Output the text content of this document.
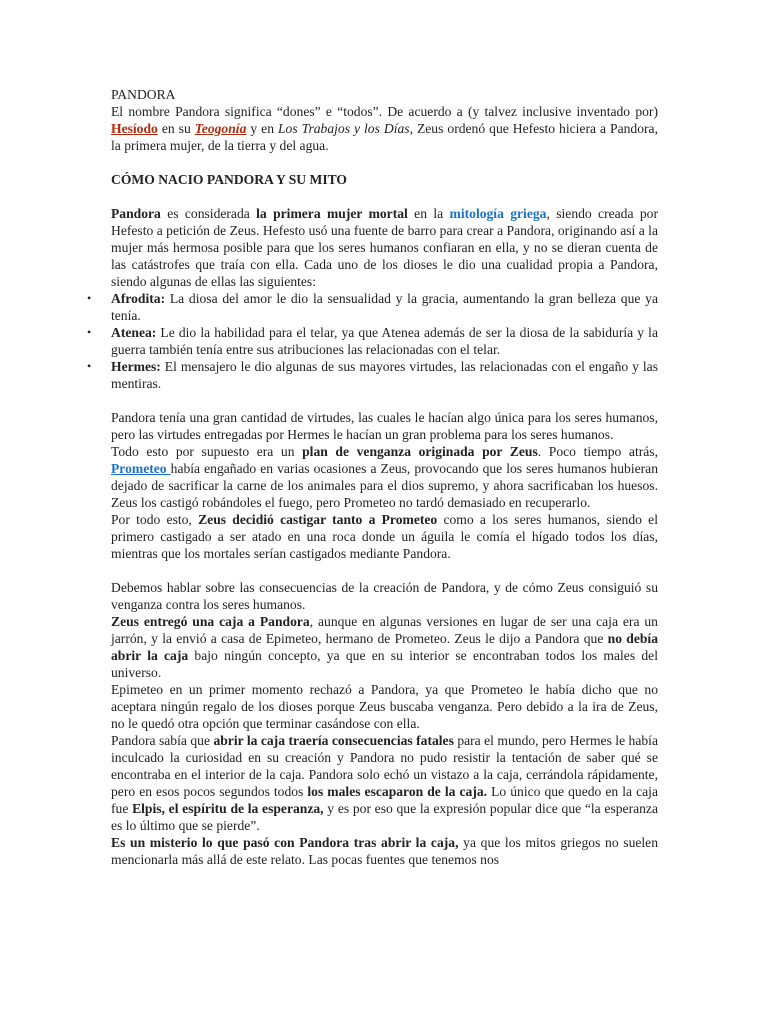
PANDORA

El nombre Pandora significa “dones” e “todos”. De acuerdo a (y talvez inclusive inventado por) Hesíodo en su Teogonía y en Los Trabajos y los Días, Zeus ordenó que Hefesto hiciera a Pandora, la primera mujer, de la tierra y del agua.

CÓMO NACIO PANDORA Y SU MITO

Pandora es considerada la primera mujer mortal en la mitología griega, siendo creada por Hefesto a petición de Zeus. Hefesto usó una fuente de barro para crear a Pandora, originando así a la mujer más hermosa posible para que los seres humanos confiaran en ella, y no se dieran cuenta de las catástrofes que traía con ella. Cada uno de los dioses le dio una cualidad propia a Pandora, siendo algunas de ellas las siguientes:

• Afrodita: La diosa del amor le dio la sensualidad y la gracia, aumentando la gran belleza que ya tenía.
• Atenea: Le dio la habilidad para el telar, ya que Atenea además de ser la diosa de la sabiduría y la guerra también tenía entre sus atribuciones las relacionadas con el telar.
• Hermes: El mensajero le dio algunas de sus mayores virtudes, las relacionadas con el engaño y las mentiras.

Pandora tenía una gran cantidad de virtudes, las cuales le hacían algo única para los seres humanos, pero las virtudes entregadas por Hermes le hacían un gran problema para los seres humanos.

Todo esto por supuesto era un plan de venganza originada por Zeus. Poco tiempo atrás, Prometeo había engañado en varias ocasiones a Zeus, provocando que los seres humanos hubieran dejado de sacrificar la carne de los animales para el dios supremo, y ahora sacrificaban los huesos. Zeus los castigó robándoles el fuego, pero Prometeo no tardó demasiado en recuperarlo.

Por todo esto, Zeus decidió castigar tanto a Prometeo como a los seres humanos, siendo el primero castigado a ser atado en una roca donde un águila le comía el hígado todos los días, mientras que los mortales serían castigados mediante Pandora.

Debemos hablar sobre las consecuencias de la creación de Pandora, y de cómo Zeus consiguió su venganza contra los seres humanos.

Zeus entregó una caja a Pandora, aunque en algunas versiones en lugar de ser una caja era un jarrón, y la envió a casa de Epimeteo, hermano de Prometeo. Zeus le dijo a Pandora que no debía abrir la caja bajo ningún concepto, ya que en su interior se encontraban todos los males del universo.

Epimeteo en un primer momento rechazó a Pandora, ya que Prometeo le había dicho que no aceptara ningún regalo de los dioses porque Zeus buscaba venganza. Pero debido a la ira de Zeus, no le quedó otra opción que terminar casándose con ella.

Pandora sabía que abrir la caja traería consecuencias fatales para el mundo, pero Hermes le había inculcado la curiosidad en su creación y Pandora no pudo resistir la tentación de saber qué se encontraba en el interior de la caja. Pandora solo echó un vistazo a la caja, cerrándola rápidamente, pero en esos pocos segundos todos los males escaparon de la caja. Lo único que quedo en la caja fue Elpis, el espíritu de la esperanza, y es por eso que la expresión popular dice que “la esperanza es lo último que se pierde”.

Es un misterio lo que pasó con Pandora tras abrir la caja, ya que los mitos griegos no suelen mencionarla más allá de este relato. Las pocas fuentes que tenemos nos
